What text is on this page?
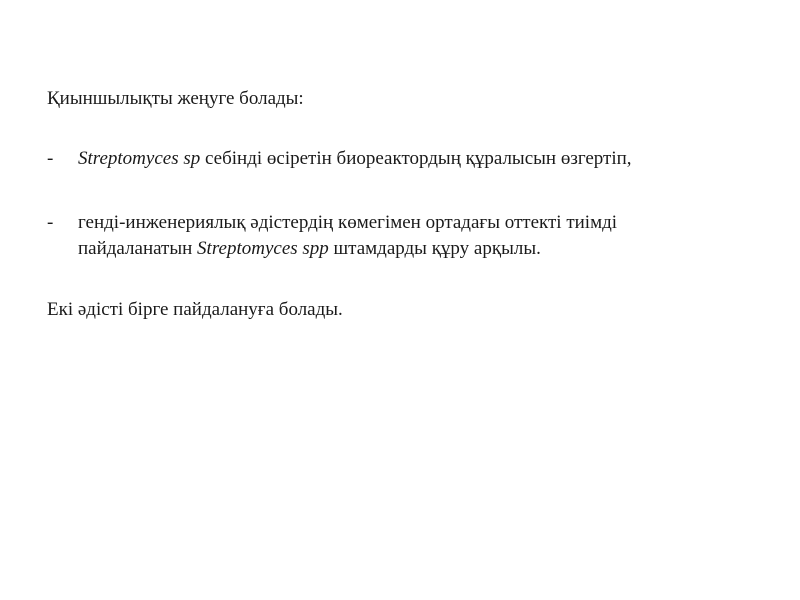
Қиыншылықты жеңуге болады:

-	Streptomyces sp себінді өсіретін биореактордың құралысын өзгертіп,
-	генді-инженериялық әдістердің көмегімен ортадағы оттекті тиімді
пайдаланатын Streptomyces spp штамдарды құру арқылы.

Екі әдісті бірге пайдалануға болады.
